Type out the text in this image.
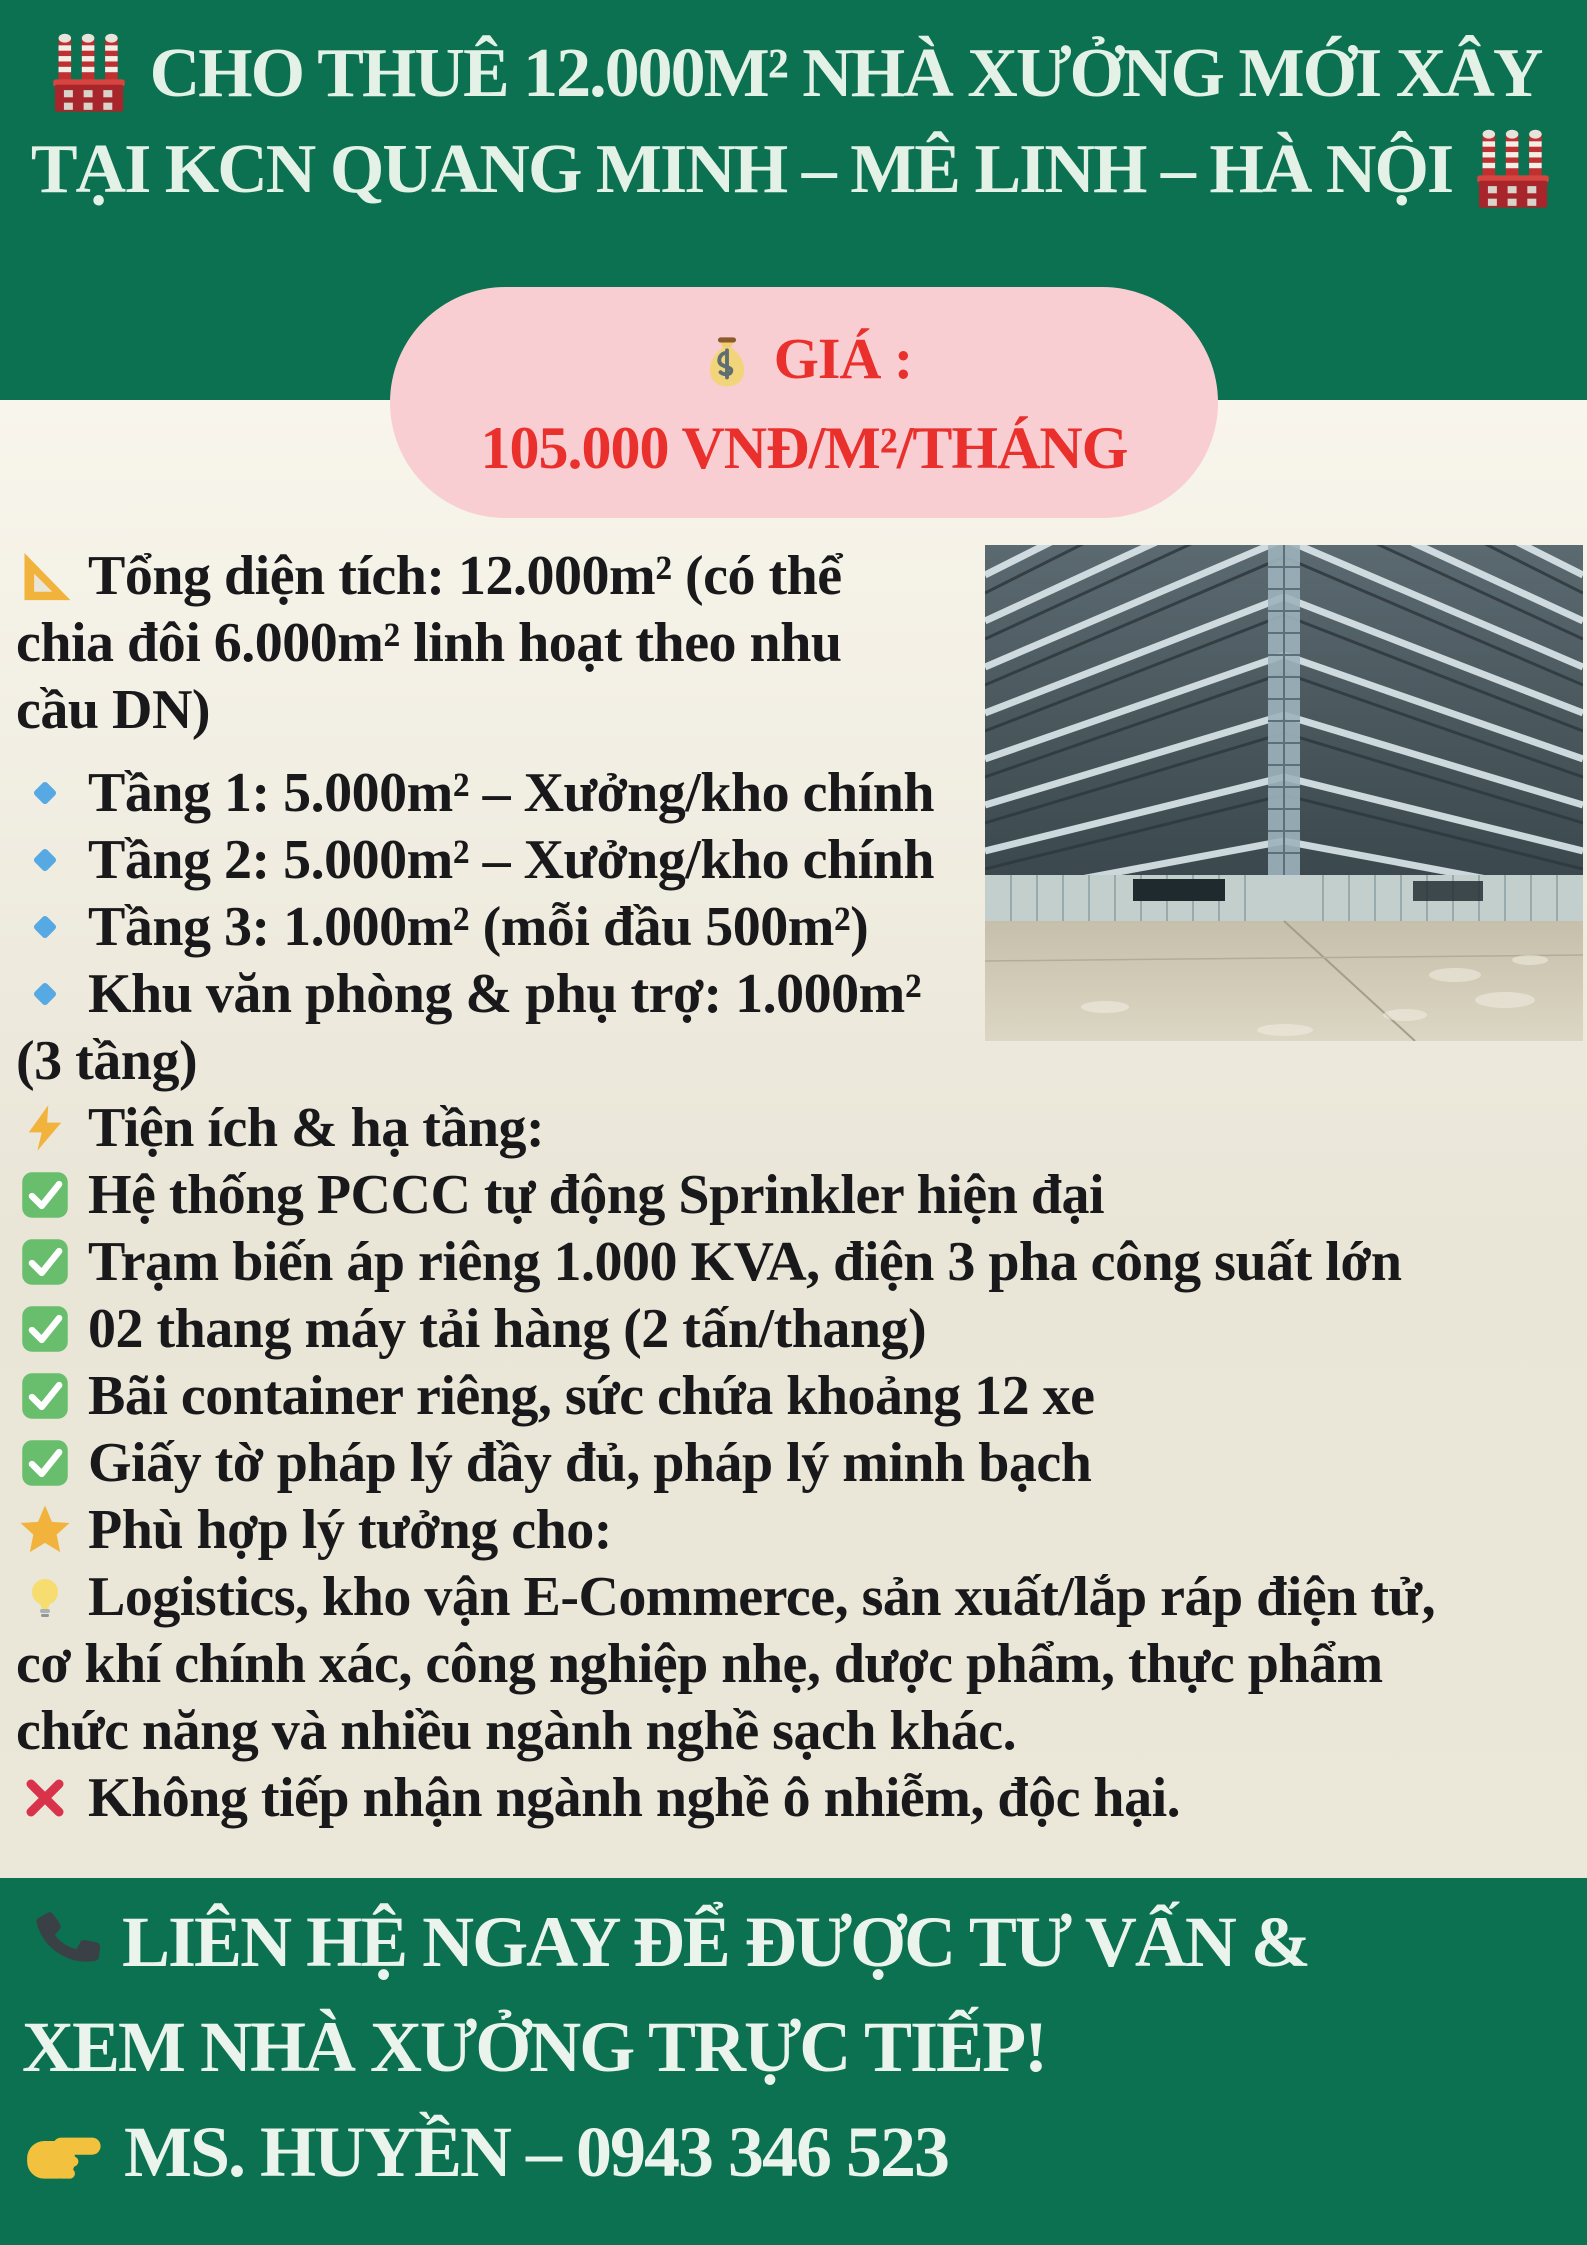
CHO THUÊ 12.000M² NHÀ XƯỞNG MỚI XÂY
TẠI KCN QUANG MINH – MÊ LINH – HÀ NỘI
GIÁ :
105.000 VNĐ/M²/THÁNG
Tổng diện tích: 12.000m² (có thể
chia đôi 6.000m² linh hoạt theo nhu
cầu DN)
Tầng 1: 5.000m² – Xưởng/kho chính
Tầng 2: 5.000m² – Xưởng/kho chính
Tầng 3: 1.000m² (mỗi đầu 500m²)
Khu văn phòng & phụ trợ: 1.000m²
(3 tầng)
Tiện ích & hạ tầng:
Hệ thống PCCC tự động Sprinkler hiện đại
Trạm biến áp riêng 1.000 KVA, điện 3 pha công suất lớn
02 thang máy tải hàng (2 tấn/thang)
Bãi container riêng, sức chứa khoảng 12 xe
Giấy tờ pháp lý đầy đủ, pháp lý minh bạch
Phù hợp lý tưởng cho:
Logistics, kho vận E-Commerce, sản xuất/lắp ráp điện tử,
cơ khí chính xác, công nghiệp nhẹ, dược phẩm, thực phẩm
chức năng và nhiều ngành nghề sạch khác.
Không tiếp nhận ngành nghề ô nhiễm, độc hại.
LIÊN HỆ NGAY ĐỂ ĐƯỢC TƯ VẤN &
XEM NHÀ XƯỞNG TRỰC TIẾP!
MS. HUYỀN – 0943 346 523
